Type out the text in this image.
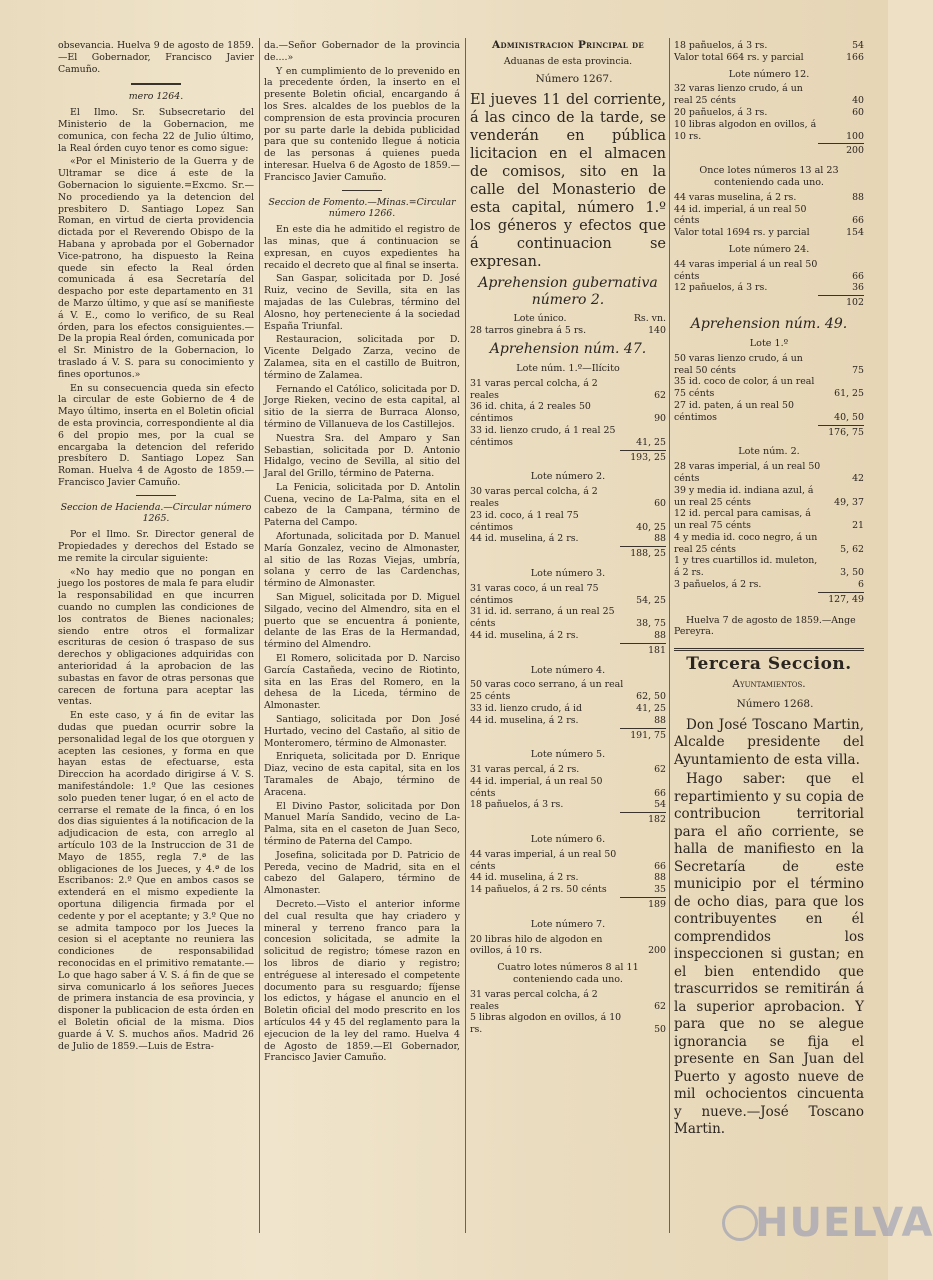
obsevancia. Huelva 9 de agosto de 1859.—El Gobernador, Francisco Javier Camuño.

mero 1264.

El Ilmo. Sr. Subsecretario del Ministerio de la Gobernacion, me comunica, con fecha 22 de Julio último, la Real órden cuyo tenor es como sigue:

«Por el Ministerio de la Guerra y de Ultramar se dice á este de la Gobernacion lo siguiente.=Excmo. Sr.—No procediendo ya la detencion del presbitero D. Santiago Lopez San Roman, en virtud de cierta providencia dictada por el Reverendo Obispo de la Habana y aprobada por el Gobernador Vice-patrono, ha dispuesto la Reina quede sin efecto la Real órden comunicada á esa Secretaría del despacho por este departamento en 31 de Marzo último, y que así se manifieste á V. E., como lo verifico, de su Real órden, para los efectos consiguientes.—De la propia Real órden, comunicada por el Sr. Ministro de la Gobernacion, lo traslado á V. S. para su conocimiento y fines oportunos.»

En su consecuencia queda sin efecto la circular de este Gobierno de 4 de Mayo último, inserta en el Boletin oficial de esta provincia, correspondiente al dia 6 del propio mes, por la cual se encargaba la detencion del referido presbítero D. Santiago Lopez San Roman. Huelva 4 de Agosto de 1859.—Francisco Javier Camuño.

Seccion de Hacienda.—Circular número 1265.

Por el Ilmo. Sr. Director general de Propiedades y derechos del Estado se me remite la circular siguiente:

«No hay medio que no pongan en juego los postores de mala fe para eludir la responsabilidad en que incurren cuando no cumplen las condiciones de los contratos de Bienes nacionales; siendo entre otros el formalizar escrituras de cesion ó traspaso de sus derechos y obligaciones adquiridas con anterioridad á la aprobacion de las subastas en favor de otras personas que carecen de fortuna para aceptar las ventas.

En este caso, y á fin de evitar las dudas que puedan ocurrir sobre la personalidad legal de los que otorguen y acepten las cesiones, y forma en que hayan estas de efectuarse, esta Direccion ha acordado dirigirse á V. S. manifestándole: 1.º Que las cesiones solo pueden tener lugar, ó en el acto de cerrarse el remate de la finca, ó en los dos dias siguientes á la notificacion de la adjudicacion de esta, con arreglo al artículo 103 de la Instruccion de 31 de Mayo de 1855, regla 7.ª de las obligaciones de los Jueces, y 4.ª de los Escribanos: 2.º Que en ambos casos se extenderá en el mismo expediente la oportuna diligencia firmada por el cedente y por el aceptante; y 3.º Que no se admita tampoco por los Jueces la cesion si el aceptante no reuniera las condiciones de responsabilidad reconocidas en el primitivo rematante.—Lo que hago saber á V. S. á fin de que se sirva comunicarlo á los señores Jueces de primera instancia de esa provincia, y disponer la publicacion de esta órden en el Boletin oficial de la misma. Dios guarde á V. S. muchos años. Madrid 26 de Julio de 1859.—Luis de Estra-

da.—Señor Gobernador de la provincia de....»

Y en cumplimiento de lo prevenido en la precedente órden, la inserto en el presente Boletin oficial, encargando á los Sres. alcaldes de los pueblos de la comprension de esta provincia procuren por su parte darle la debida publicidad para que su contenido llegue á noticia de las personas á quienes pueda interesar. Huelva 6 de Agosto de 1859.—Francisco Javier Camuño.

Seccion de Fomento.—Minas.=Circular número 1266.

En este dia he admitido el registro de las minas, que á continuacion se expresan, en cuyos expedientes ha recaido el decreto que al final se inserta.

San Gaspar, solicitada por D. José Ruiz, vecino de Sevilla, sita en las majadas de las Culebras, término del Alosno, hoy perteneciente á la sociedad España Triunfal.

Restauracion, solicitada por D. Vicente Delgado Zarza, vecino de Zalamea, sita en el castillo de Buitron, término de Zalamea.

Fernando el Católico, solicitada por D. Jorge Rieken, vecino de esta capital, al sitio de la sierra de Burraca Alonso, término de Villanueva de los Castillejos.

Nuestra Sra. del Amparo y San Sebastian, solicitada por D. Antonio Hidalgo, vecino de Sevilla, al sitio del Jaral del Grillo, término de Paterna.

La Fenicia, solicitada por D. Antolin Cuena, vecino de La-Palma, sita en el cabezo de la Campana, término de Paterna del Campo.

Afortunada, solicitada por D. Manuel María Gonzalez, vecino de Almonaster, al sitio de las Rozas Viejas, umbría, solana y cerro de las Cardenchas, término de Almonaster.

San Miguel, solicitada por D. Miguel Silgado, vecino del Almendro, sita en el puerto que se encuentra á poniente, delante de las Eras de la Hermandad, término del Almendro.

El Romero, solicitada por D. Narciso García Castañeda, vecino de Riotinto, sita en las Eras del Romero, en la dehesa de la Liceda, término de Almonaster.

Santiago, solicitada por Don José Hurtado, vecino del Castaño, al sitio de Monteromero, término de Almonaster.

Enriqueta, solicitada por D. Enrique Diaz, vecino de esta capital, sita en los Taramales de Abajo, término de Aracena.

El Divino Pastor, solicitada por Don Manuel María Sandido, vecino de La-Palma, sita en el caseton de Juan Seco, término de Paterna del Campo.

Josefina, solicitada por D. Patricio de Pereda, vecino de Madrid, sita en el cabezo del Galapero, término de Almonaster.

Decreto.—Visto el anterior informe del cual resulta que hay criadero y mineral y terreno franco para la concesion solicitada, se admite la solicitud de registro; tómese razon en los libros de diario y registro; entréguese al interesado el competente documento para su resguardo; fíjense los edictos, y hágase el anuncio en el Boletin oficial del modo prescrito en los artículos 44 y 45 del reglamento para la ejecucion de la ley del ramo. Huelva 4 de Agosto de 1859.—El Gobernador, Francisco Javier Camuño.

Administracion Principal de

Aduanas de esta provincia.

Número 1267.

El jueves 11 del corriente, á las cinco de la tarde, se venderán en pública licitacion en el almacen de comisos, sito en la calle del Monasterio de esta capital, número 1.º los géneros y efectos que á continuacion se expresan.

Aprehension gubernativa número 2.
Lote único.	Rs. vn.
28 tarros ginebra á 5 rs.	140
Aprehension núm. 47.
Lote núm. 1.º—Ilícito
31 varas percal colcha, á 2 reales	62
36 id. chita, á 2 reales 50 céntimos	90
33 id. lienzo crudo, á 1 real 25 céntimos	41, 25
193, 25
Lote número 2.
30 varas percal colcha, á 2 reales	60
23 id. coco, á 1 real 75 céntimos	40, 25
44 id. muselina, á 2 rs.	88
188, 25
Lote número 3.
31 varas coco, á un real 75 céntimos	54, 25
31 id. id. serrano, á un real 25 cénts	38, 75
44 id. muselina, á 2 rs.	88
181
Lote número 4.
50 varas coco serrano, á un real 25 cénts	62, 50
33 id. lienzo crudo, á id	41, 25
44 id. muselina, á 2 rs.	88
191, 75
Lote número 5.
31 varas percal, á 2 rs.	62
44 id. imperial, á un real 50 cénts	66
18 pañuelos, á 3 rs.	54
182
Lote número 6.
44 varas imperial, á un real 50 cénts	66
44 id. muselina, á 2 rs.	88
14 pañuelos, á 2 rs. 50 cénts	35
189
Lote número 7.
20 libras hilo de algodon en ovillos, á 10 rs.	200
Cuatro lotes números 8 al 11 conteniendo cada uno.
31 varas percal colcha, á 2 reales	62
5 libras algodon en ovillos, á 10 rs.	50
18 pañuelos, á 3 rs.	54
Valor total 664 rs. y parcial	166
Lote número 12.
32 varas lienzo crudo, á un real 25 cénts	40
20 pañuelos, á 3 rs.	60
10 libras algodon en ovillos, á 10 rs.	100
200
Once lotes números 13 al 23 conteniendo cada uno.
44 varas muselina, á 2 rs.	88
44 id. imperial, á un real 50 cénts	66
Valor total 1694 rs. y parcial	154
Lote número 24.
44 varas imperial á un real 50 cénts	66
12 pañuelos, á 3 rs.	36
102
Aprehension núm. 49.
Lote 1.º
50 varas lienzo crudo, á un real 50 cénts	75
35 id. coco de color, á un real 75 cénts	61, 25
27 id. paten, á un real 50 céntimos	40, 50
176, 75
Lote núm. 2.
28 varas imperial, á un real 50 cénts	42
39 y media id. indiana azul, á un real 25 cénts	49, 37
12 id. percal para camisas, á un real 75 cénts	21
4 y media id. coco negro, á un real 25 cénts	5, 62
1 y tres cuartillos id. muleton, á 2 rs.	3, 50
3 pañuelos, á 2 rs.	6
127, 49

Huelva 7 de agosto de 1859.—Ange Pereyra.

Tercera Seccion.
Ayuntamientos.

Número 1268.

Don José Toscano Martin, Alcalde presidente del Ayuntamiento de esta villa.

Hago saber: que el repartimiento y su copia de contribucion territorial para el año corriente, se halla de manifiesto en la Secretaría de este municipio por el término de ocho dias, para que los contribuyentes en él comprendidos los inspeccionen si gustan; en el bien entendido que trascurridos se remitirán á la superior aprobacion. Y para que no se alegue ignorancia se fija el presente en San Juan del Puerto y agosto nueve de mil ochocientos cincuenta y nueve.—José Toscano Martin.

HUELVA
